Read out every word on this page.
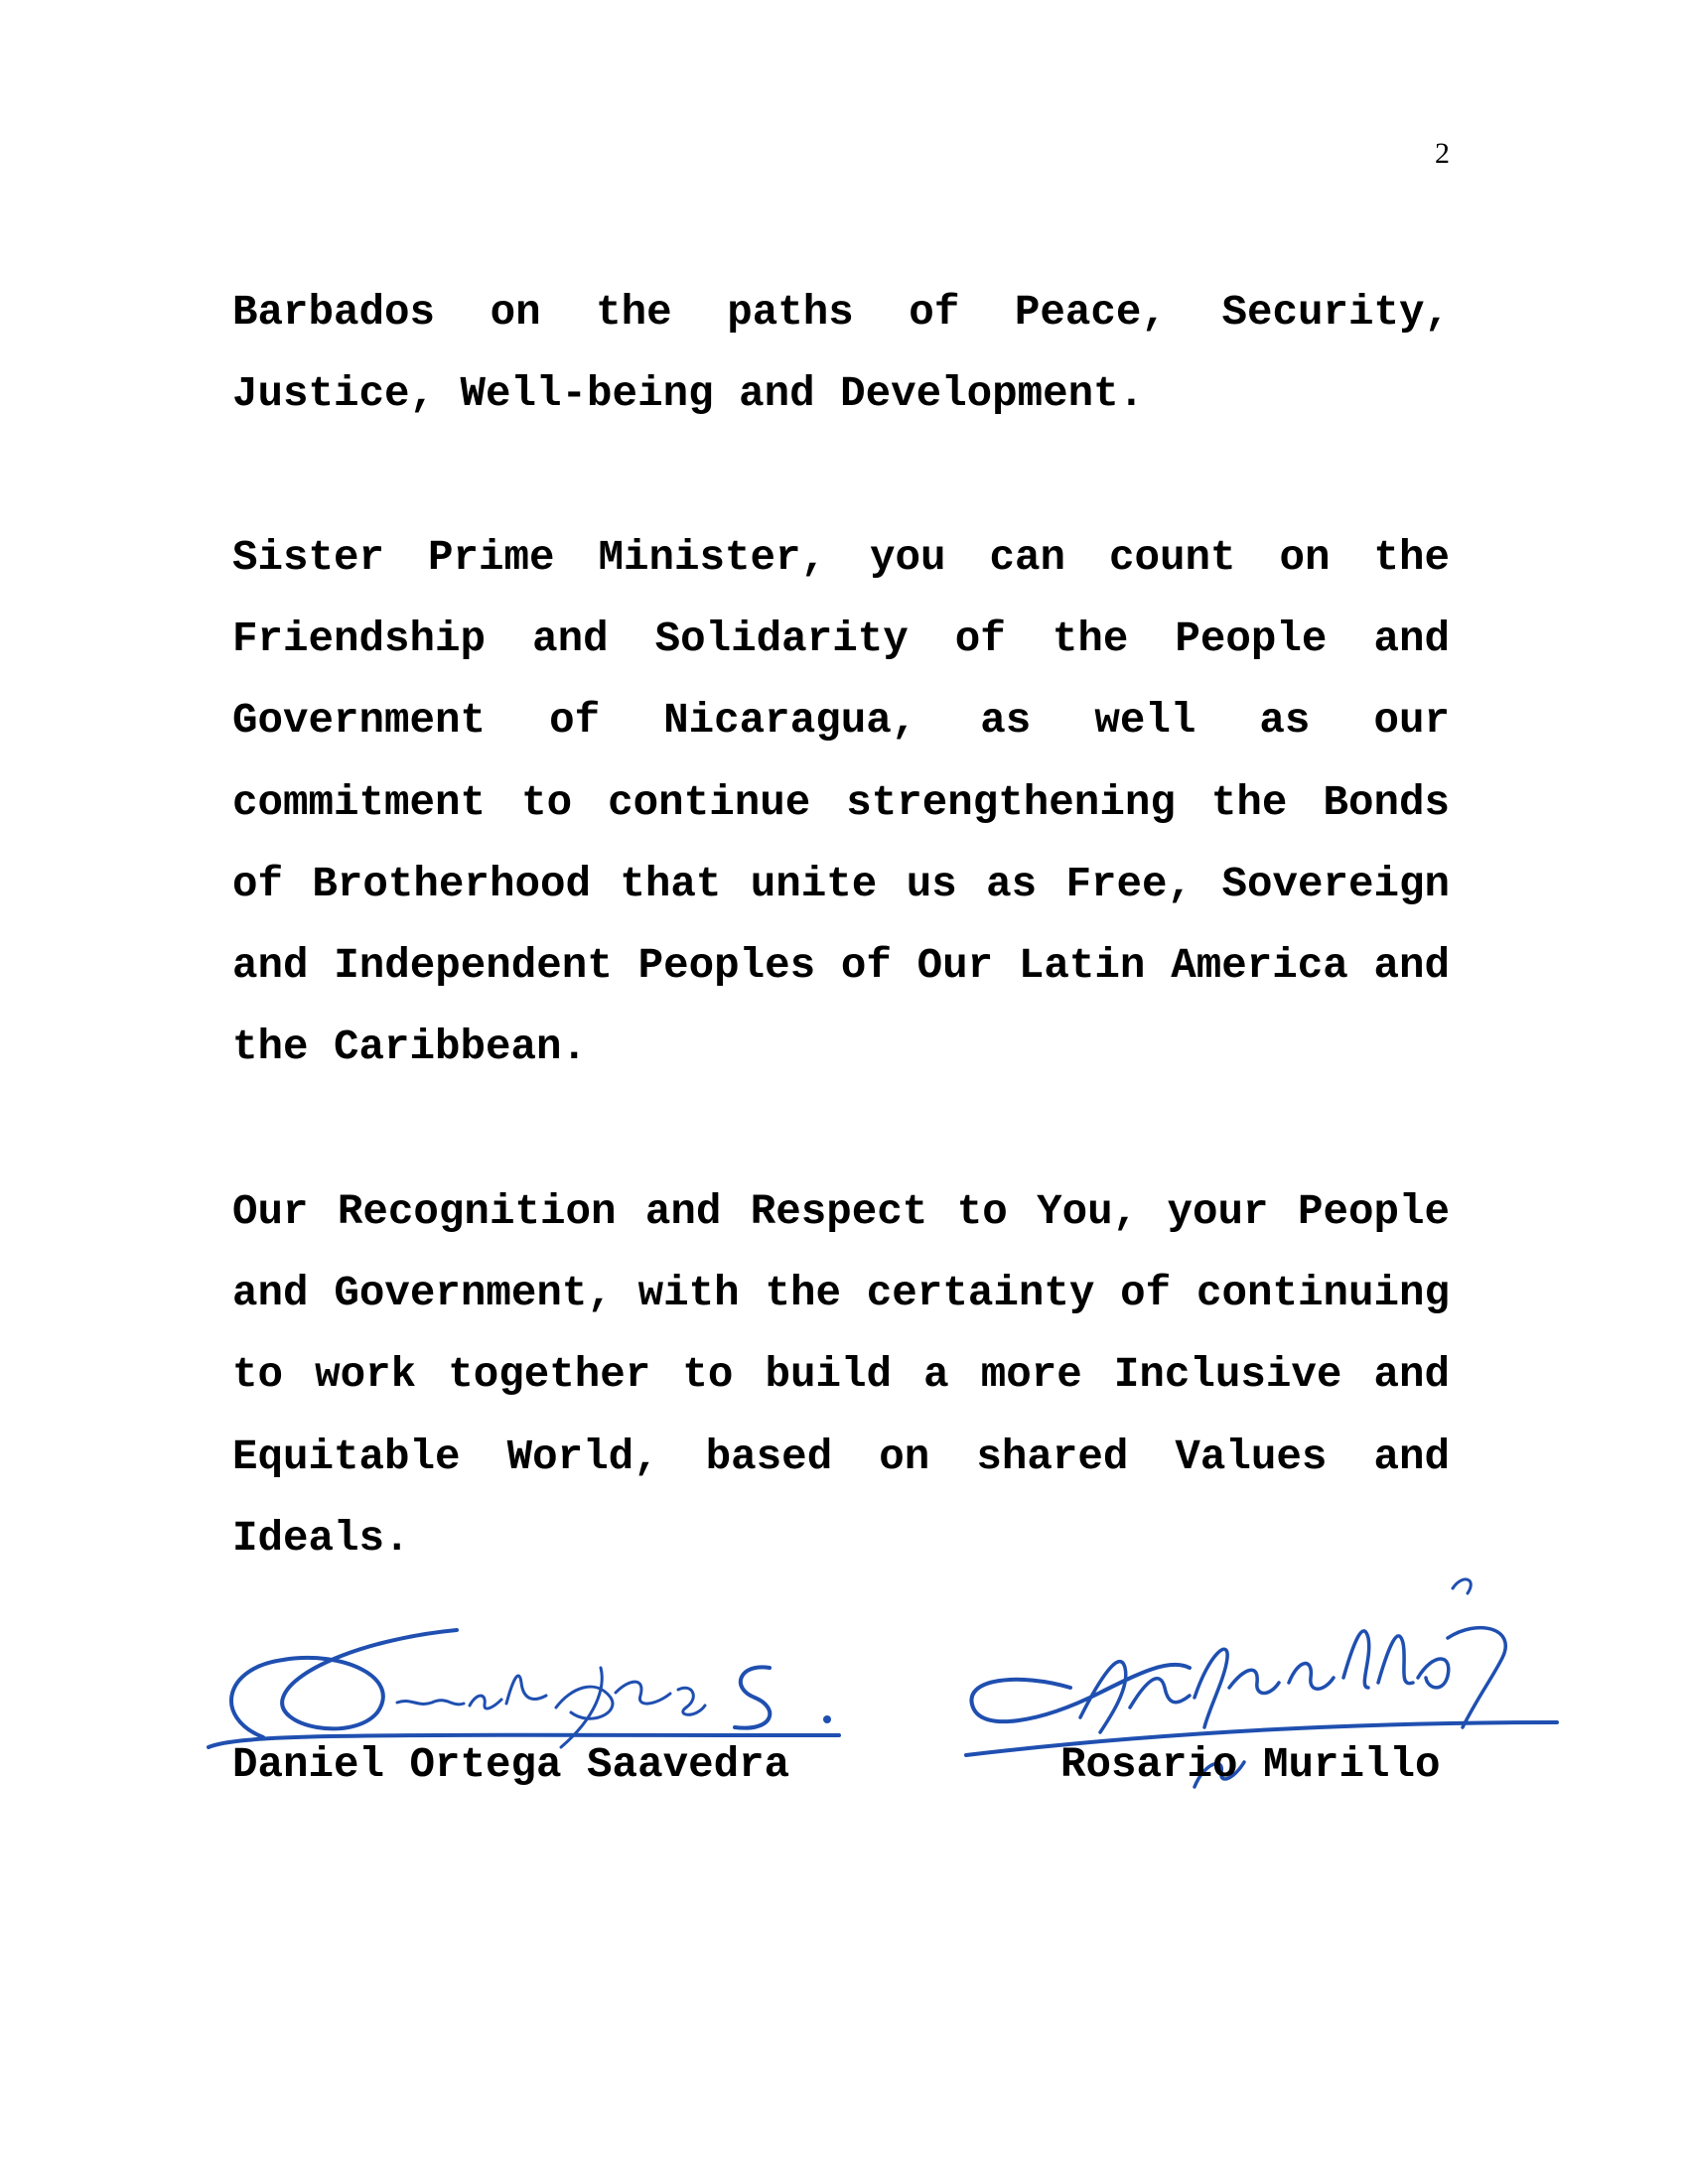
2

Barbados on the paths of Peace, Security, Justice, Well-being and Development.

Sister Prime Minister, you can count on the Friendship and Solidarity of the People and Government of Nicaragua, as well as our commitment to continue strengthening the Bonds of Brotherhood that unite us as Free, Sovereign and Independent Peoples of Our Latin America and the Caribbean.

Our Recognition and Respect to You, your People and Government, with the certainty of continuing to work together to build a more Inclusive and Equitable World, based on shared Values and Ideals.

Daniel Ortega Saavedra	Rosario Murillo
